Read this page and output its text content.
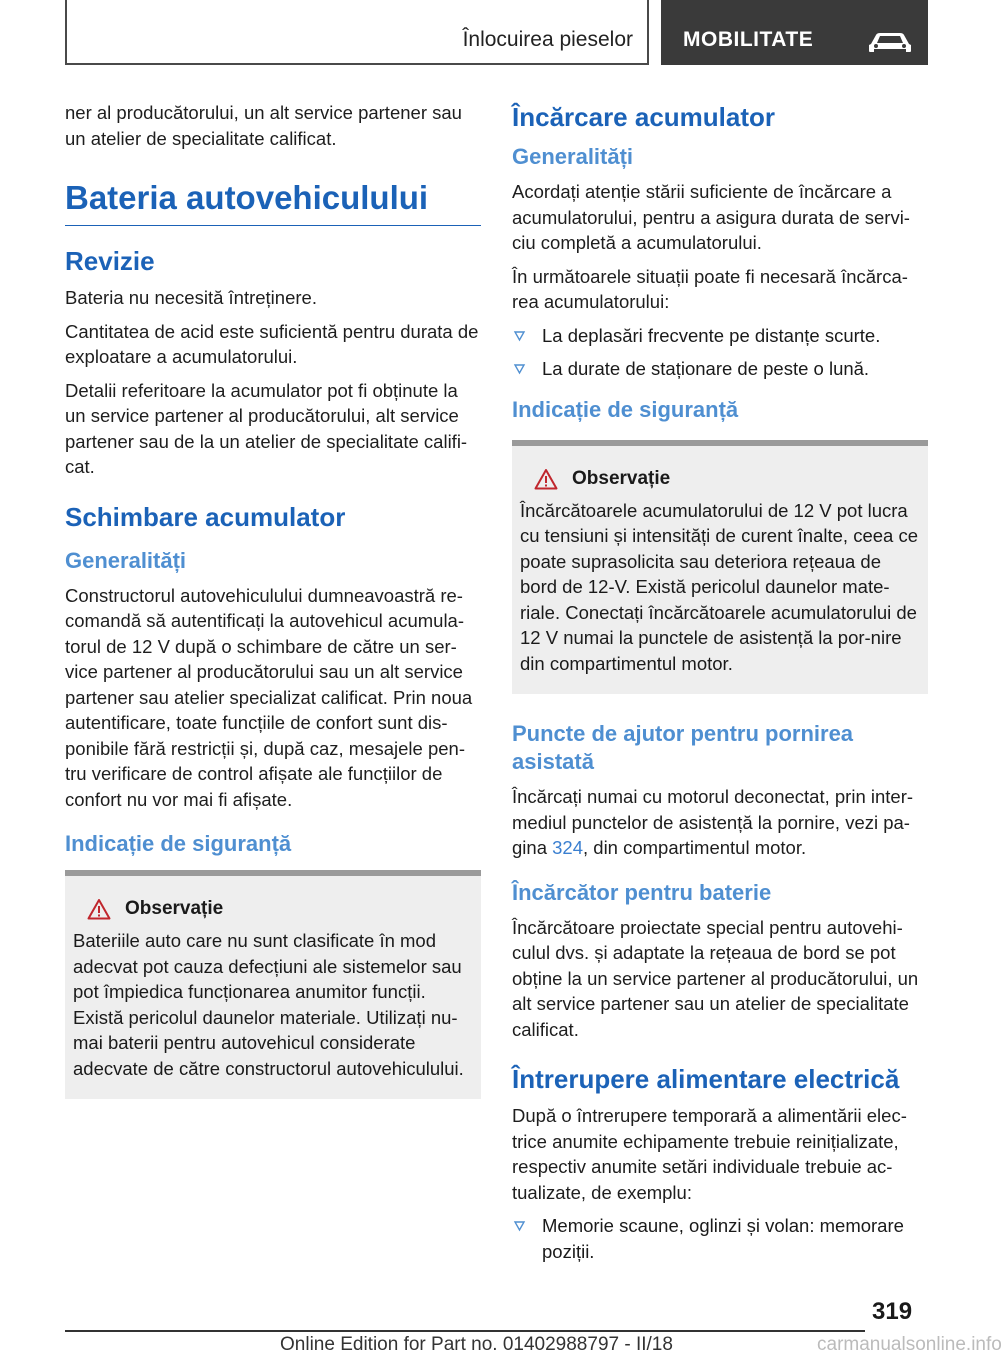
Înlocuirea pieselor MOBILITATE

ner al producătorului, un alt service partener sau un atelier de specialitate calificat.

Bateria autovehiculului
Revizie

Bateria nu necesită întreținere.

Cantitatea de acid este suficientă pentru durata de exploatare a acumulatorului.

Detalii referitoare la acumulator pot fi obținute la un service partener al producătorului, alt service partener sau de la un atelier de specialitate califi‐cat.

Schimbare acumulator
Generalități

Constructorul autovehiculului dumneavoastră re‐comandă să autentificați la autovehicul acumula‐torul de 12 V după o schimbare de către un ser‐vice partener al producătorului sau un alt service partener sau atelier specializat calificat. Prin noua autentificare, toate funcțiile de confort sunt dis‐ponibile fără restricții și, după caz, mesajele pen‐tru verificare de control afișate ale funcțiilor de confort nu vor mai fi afișate.

Indicație de siguranță
Observație

Bateriile auto care nu sunt clasificate în mod adecvat pot cauza defecțiuni ale sistemelor sau pot împiedica funcționarea anumitor funcții. Există pericolul daunelor materiale. Utilizați nu‐mai baterii pentru autovehicul considerate adecvate de către constructorul autovehiculului.

Încărcare acumulator
Generalități

Acordați atenție stării suficiente de încărcare a acumulatorului, pentru a asigura durata de servi‐ciu completă a acumulatorului.

În următoarele situații poate fi necesară încărca‐rea acumulatorului:

La deplasări frecvente pe distanțe scurte.
La durate de staționare de peste o lună.
Indicație de siguranță
Observație

Încărcătoarele acumulatorului de 12 V pot lucra cu tensiuni și intensități de curent înalte, ceea ce poate suprasolicita sau deteriora rețeaua de bord de 12-V. Există pericolul daunelor mate‐riale. Conectați încărcătoarele acumulatorului de 12 V numai la punctele de asistență la por‐nire din compartimentul motor.

Puncte de ajutor pentru pornirea asistată

Încărcați numai cu motorul deconectat, prin inter‐mediul punctelor de asistență la pornire, vezi pa‐gina 324, din compartimentul motor.

Încărcător pentru baterie

Încărcătoare proiectate special pentru autovehi‐culul dvs. și adaptate la rețeaua de bord se pot obține la un service partener al producătorului, un alt service partener sau un atelier de specialitate calificat.

Întrerupere alimentare electrică

După o întrerupere temporară a alimentării elec‐trice anumite echipamente trebuie reinițializate, respectiv anumite setări individuale trebuie ac‐tualizate, de exemplu:

Memorie scaune, oglinzi și volan: memorare poziții.
319
Online Edition for Part no. 01402988797 - II/18	carmanualsonline.info
